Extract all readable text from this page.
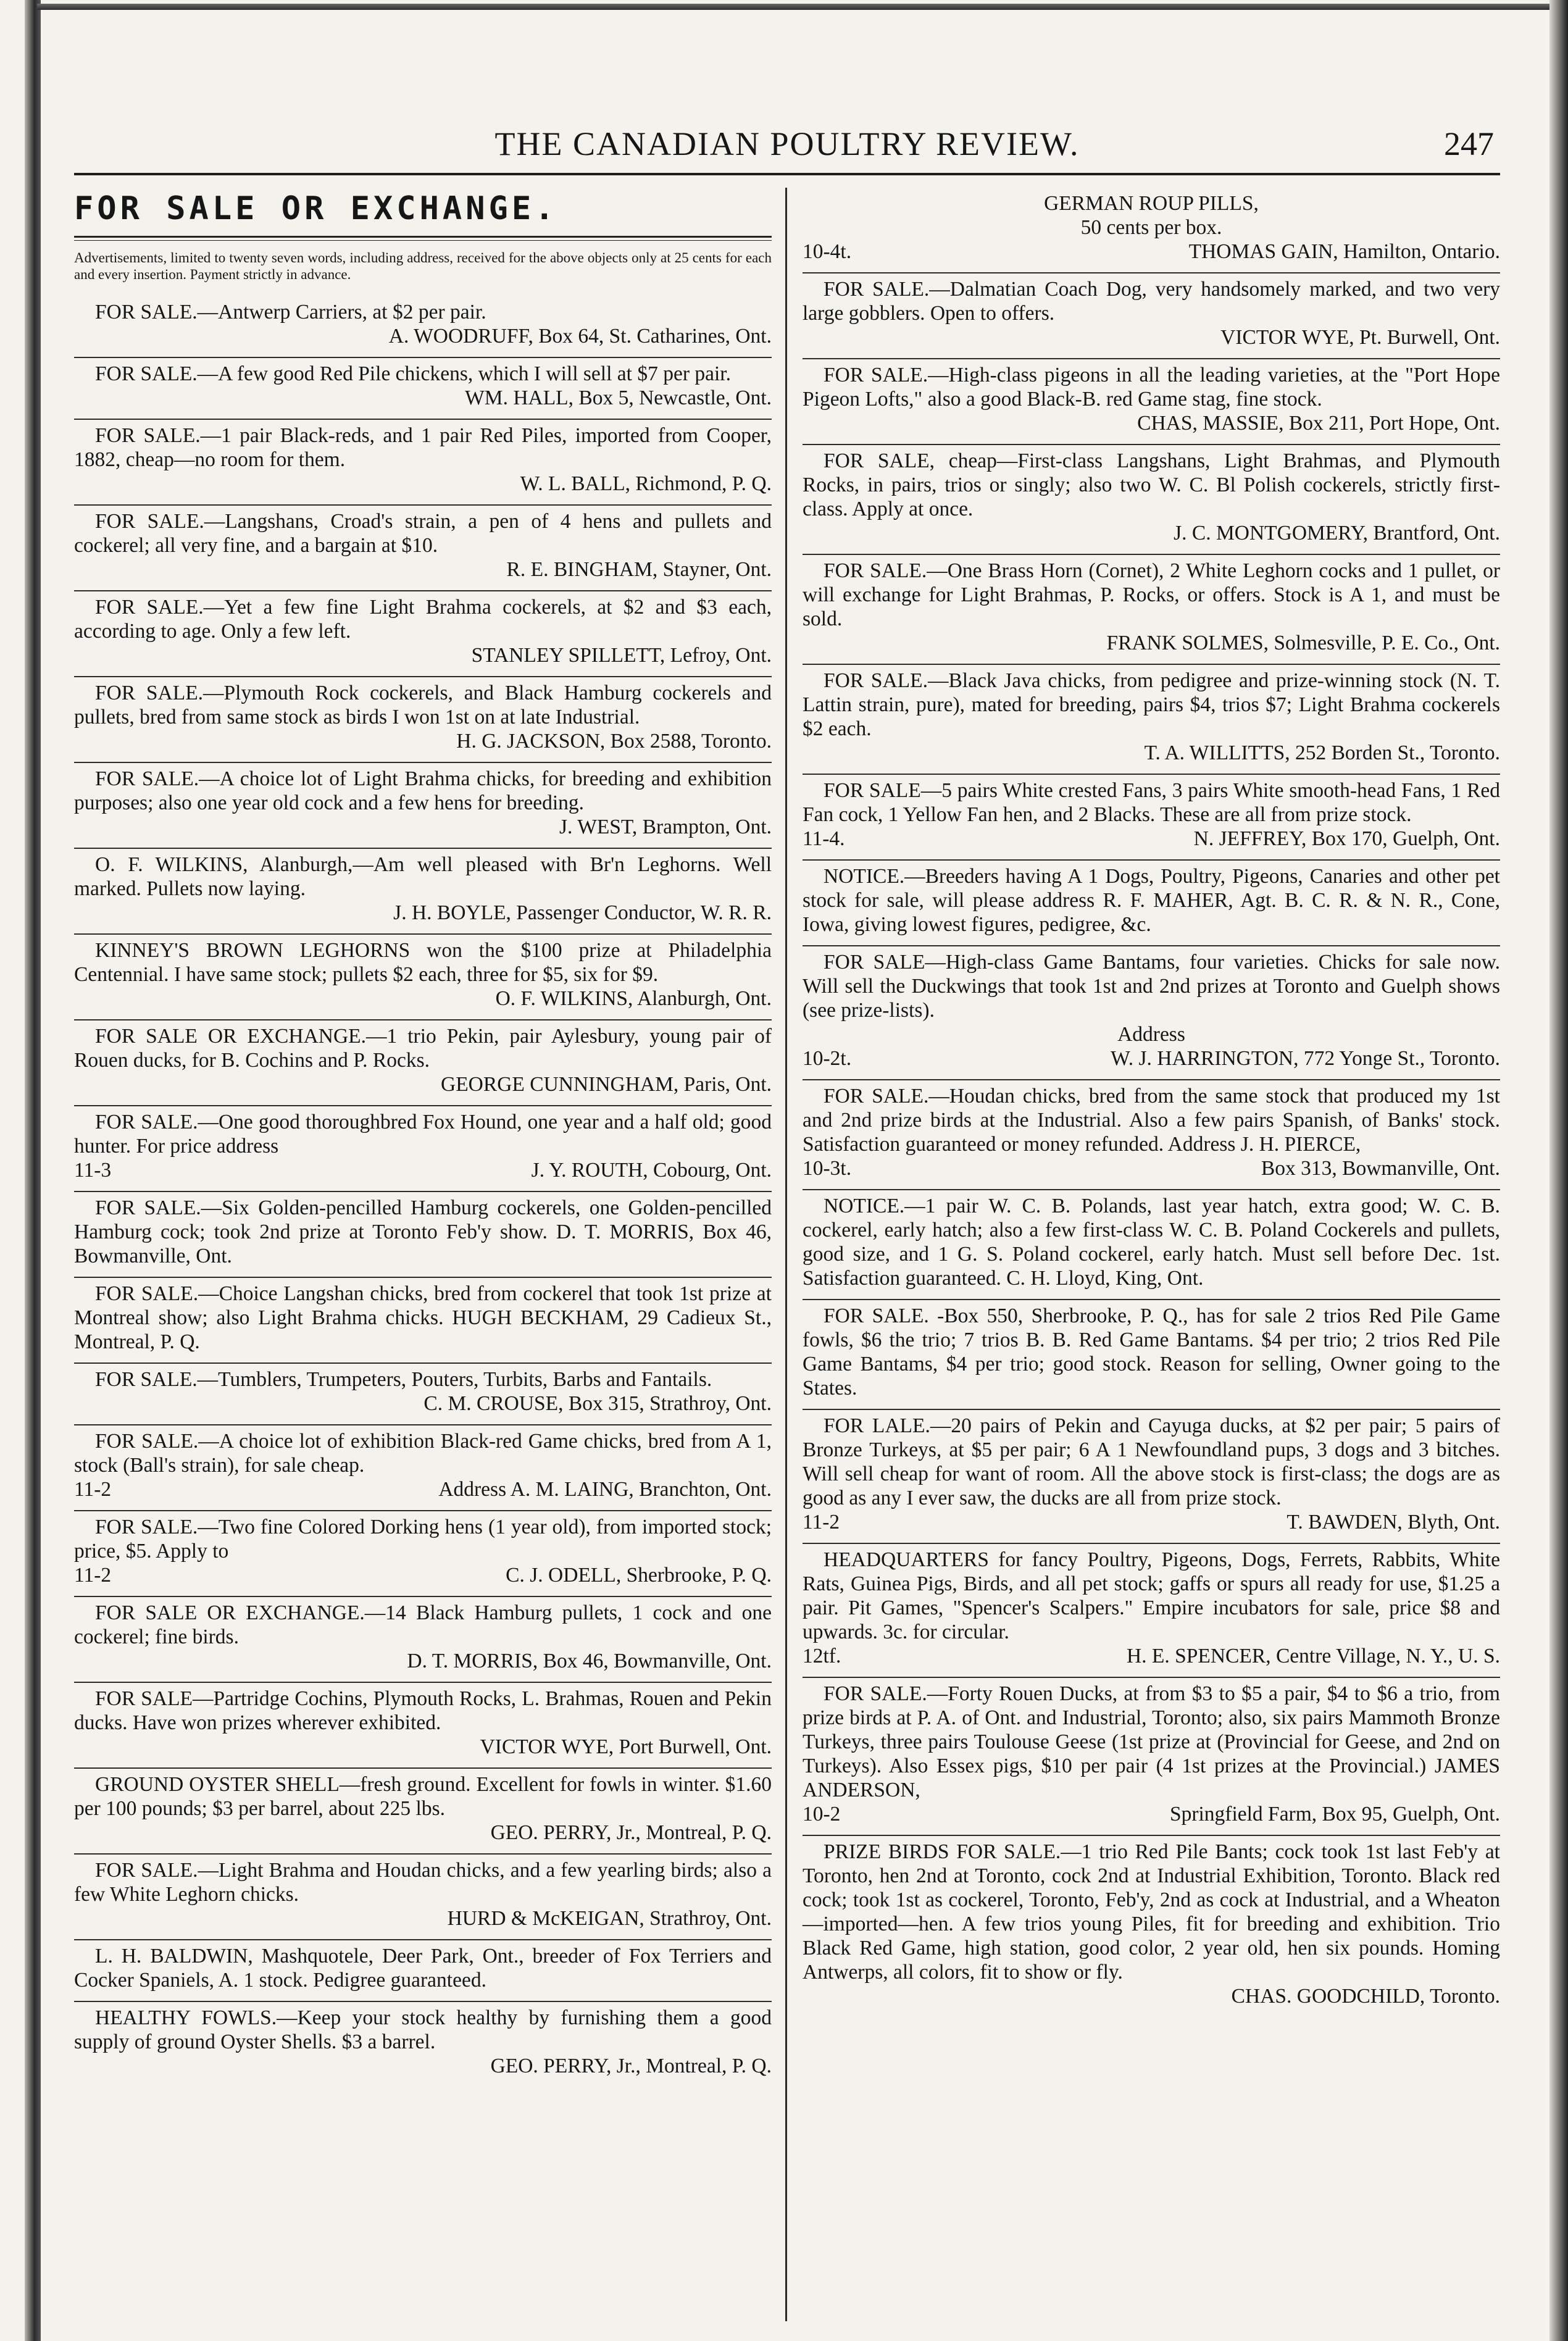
THE CANADIAN POULTRY REVIEW.	247
FOR SALE OR EXCHANGE.
Advertisements, limited to twenty seven words, including address, received for the above objects only at 25 cents for each and every insertion. Payment strictly in advance.

FOR SALE.—Antwerp Carriers, at $2 per pair.

A. WOODRUFF, Box 64, St. Catharines, Ont.

FOR SALE.—A few good Red Pile chickens, which I will sell at $7 per pair.

WM. HALL, Box 5, Newcastle, Ont.

FOR SALE.—1 pair Black-reds, and 1 pair Red Piles, imported from Cooper, 1882, cheap—no room for them.

W. L. BALL, Richmond, P. Q.

FOR SALE.—Langshans, Croad's strain, a pen of 4 hens and pullets and cockerel; all very fine, and a bargain at $10.

R. E. BINGHAM, Stayner, Ont.

FOR SALE.—Yet a few fine Light Brahma cockerels, at $2 and $3 each, according to age. Only a few left.

STANLEY SPILLETT, Lefroy, Ont.

FOR SALE.—Plymouth Rock cockerels, and Black Hamburg cockerels and pullets, bred from same stock as birds I won 1st on at late Industrial.

H. G. JACKSON, Box 2588, Toronto.

FOR SALE.—A choice lot of Light Brahma chicks, for breeding and exhibition purposes; also one year old cock and a few hens for breeding.

J. WEST, Brampton, Ont.

O. F. WILKINS, Alanburgh,—Am well pleased with Br'n Leghorns. Well marked. Pullets now laying.

J. H. BOYLE, Passenger Conductor, W. R. R.

KINNEY'S BROWN LEGHORNS won the $100 prize at Philadelphia Centennial. I have same stock; pullets $2 each, three for $5, six for $9.

O. F. WILKINS, Alanburgh, Ont.

FOR SALE OR EXCHANGE.—1 trio Pekin, pair Aylesbury, young pair of Rouen ducks, for B. Cochins and P. Rocks.

GEORGE CUNNINGHAM, Paris, Ont.

FOR SALE.—One good thoroughbred Fox Hound, one year and a half old; good hunter. For price address

11-3	J. Y. ROUTH, Cobourg, Ont.

FOR SALE.—Six Golden-pencilled Hamburg cockerels, one Golden-pencilled Hamburg cock; took 2nd prize at Toronto Feb'y show. D. T. MORRIS, Box 46, Bowmanville, Ont.

FOR SALE.—Choice Langshan chicks, bred from cockerel that took 1st prize at Montreal show; also Light Brahma chicks. HUGH BECKHAM, 29 Cadieux St., Montreal, P. Q.

FOR SALE.—Tumblers, Trumpeters, Pouters, Turbits, Barbs and Fantails.

C. M. CROUSE, Box 315, Strathroy, Ont.

FOR SALE.—A choice lot of exhibition Black-red Game chicks, bred from A 1, stock (Ball's strain), for sale cheap.

11-2	Address A. M. LAING, Branchton, Ont.

FOR SALE.—Two fine Colored Dorking hens (1 year old), from imported stock; price, $5. Apply to

11-2	C. J. ODELL, Sherbrooke, P. Q.

FOR SALE OR EXCHANGE.—14 Black Hamburg pullets, 1 cock and one cockerel; fine birds.

D. T. MORRIS, Box 46, Bowmanville, Ont.

FOR SALE—Partridge Cochins, Plymouth Rocks, L. Brahmas, Rouen and Pekin ducks. Have won prizes wherever exhibited.

VICTOR WYE, Port Burwell, Ont.

GROUND OYSTER SHELL—fresh ground. Excellent for fowls in winter. $1.60 per 100 pounds; $3 per barrel, about 225 lbs.

GEO. PERRY, Jr., Montreal, P. Q.

FOR SALE.—Light Brahma and Houdan chicks, and a few yearling birds; also a few White Leghorn chicks.

HURD & McKEIGAN, Strathroy, Ont.

L. H. BALDWIN, Mashquotele, Deer Park, Ont., breeder of Fox Terriers and Cocker Spaniels, A. 1 stock. Pedigree guaranteed.

HEALTHY FOWLS.—Keep your stock healthy by furnishing them a good supply of ground Oyster Shells. $3 a barrel.

GEO. PERRY, Jr., Montreal, P. Q.

GERMAN ROUP PILLS,

50 cents per box.

10-4t.	THOMAS GAIN, Hamilton, Ontario.

FOR SALE.—Dalmatian Coach Dog, very handsomely marked, and two very large gobblers. Open to offers.

VICTOR WYE, Pt. Burwell, Ont.

FOR SALE.—High-class pigeons in all the leading varieties, at the "Port Hope Pigeon Lofts," also a good Black-B. red Game stag, fine stock.

CHAS, MASSIE, Box 211, Port Hope, Ont.

FOR SALE, cheap—First-class Langshans, Light Brahmas, and Plymouth Rocks, in pairs, trios or singly; also two W. C. Bl Polish cockerels, strictly first-class. Apply at once.

J. C. MONTGOMERY, Brantford, Ont.

FOR SALE.—One Brass Horn (Cornet), 2 White Leghorn cocks and 1 pullet, or will exchange for Light Brahmas, P. Rocks, or offers. Stock is A 1, and must be sold.

FRANK SOLMES, Solmesville, P. E. Co., Ont.

FOR SALE.—Black Java chicks, from pedigree and prize-winning stock (N. T. Lattin strain, pure), mated for breeding, pairs $4, trios $7; Light Brahma cockerels $2 each.

T. A. WILLITTS, 252 Borden St., Toronto.

FOR SALE—5 pairs White crested Fans, 3 pairs White smooth-head Fans, 1 Red Fan cock, 1 Yellow Fan hen, and 2 Blacks. These are all from prize stock.

11-4.	N. JEFFREY, Box 170, Guelph, Ont.

NOTICE.—Breeders having A 1 Dogs, Poultry, Pigeons, Canaries and other pet stock for sale, will please address R. F. MAHER, Agt. B. C. R. & N. R., Cone, Iowa, giving lowest figures, pedigree, &c.

FOR SALE—High-class Game Bantams, four varieties. Chicks for sale now. Will sell the Duckwings that took 1st and 2nd prizes at Toronto and Guelph shows (see prize-lists).

Address

10-2t.	W. J. HARRINGTON, 772 Yonge St., Toronto.

FOR SALE.—Houdan chicks, bred from the same stock that produced my 1st and 2nd prize birds at the Industrial. Also a few pairs Spanish, of Banks' stock. Satisfaction guaranteed or money refunded. Address J. H. PIERCE,

10-3t.	Box 313, Bowmanville, Ont.

NOTICE.—1 pair W. C. B. Polands, last year hatch, extra good; W. C. B. cockerel, early hatch; also a few first-class W. C. B. Poland Cockerels and pullets, good size, and 1 G. S. Poland cockerel, early hatch. Must sell before Dec. 1st. Satisfaction guaranteed. C. H. Lloyd, King, Ont.

FOR SALE. -Box 550, Sherbrooke, P. Q., has for sale 2 trios Red Pile Game fowls, $6 the trio; 7 trios B. B. Red Game Bantams. $4 per trio; 2 trios Red Pile Game Bantams, $4 per trio; good stock. Reason for selling, Owner going to the States.

FOR LALE.—20 pairs of Pekin and Cayuga ducks, at $2 per pair; 5 pairs of Bronze Turkeys, at $5 per pair; 6 A 1 Newfoundland pups, 3 dogs and 3 bitches. Will sell cheap for want of room. All the above stock is first-class; the dogs are as good as any I ever saw, the ducks are all from prize stock.

11-2	T. BAWDEN, Blyth, Ont.

HEADQUARTERS for fancy Poultry, Pigeons, Dogs, Ferrets, Rabbits, White Rats, Guinea Pigs, Birds, and all pet stock; gaffs or spurs all ready for use, $1.25 a pair. Pit Games, "Spencer's Scalpers." Empire incubators for sale, price $8 and upwards. 3c. for circular.

12tf.	H. E. SPENCER, Centre Village, N. Y., U. S.

FOR SALE.—Forty Rouen Ducks, at from $3 to $5 a pair, $4 to $6 a trio, from prize birds at P. A. of Ont. and Industrial, Toronto; also, six pairs Mammoth Bronze Turkeys, three pairs Toulouse Geese (1st prize at (Provincial for Geese, and 2nd on Turkeys). Also Essex pigs, $10 per pair (4 1st prizes at the Provincial.) JAMES ANDERSON,

10-2	Springfield Farm, Box 95, Guelph, Ont.

PRIZE BIRDS FOR SALE.—1 trio Red Pile Bants; cock took 1st last Feb'y at Toronto, hen 2nd at Toronto, cock 2nd at Industrial Exhibition, Toronto. Black red cock; took 1st as cockerel, Toronto, Feb'y, 2nd as cock at Industrial, and a Wheaton—imported—hen. A few trios young Piles, fit for breeding and exhibition. Trio Black Red Game, high station, good color, 2 year old, hen six pounds. Homing Antwerps, all colors, fit to show or fly.

CHAS. GOODCHILD, Toronto.
